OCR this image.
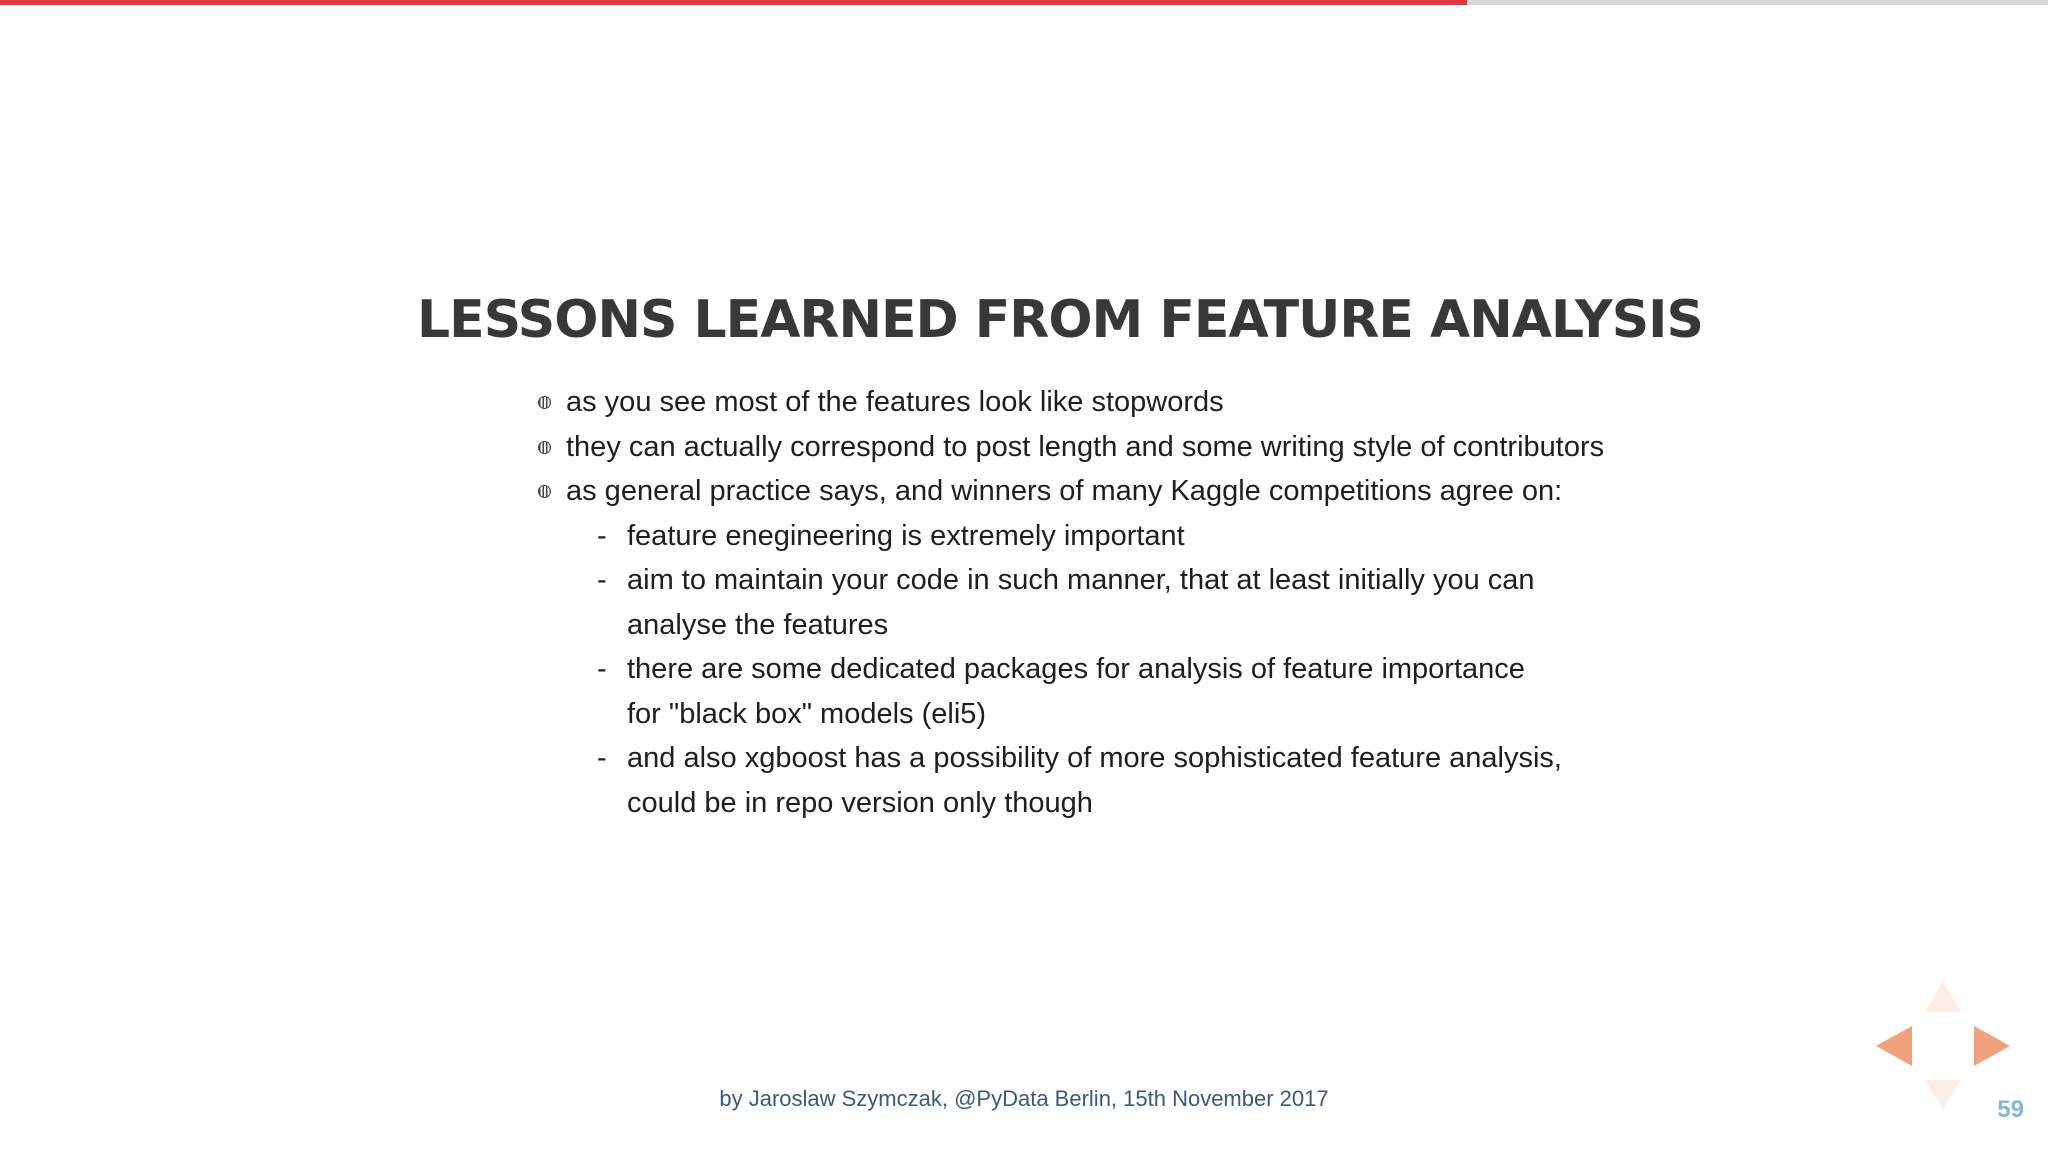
LESSONS LEARNED FROM FEATURE ANALYSIS
as you see most of the features look like stopwords
they can actually correspond to post length and some writing style of contributors
as general practice says, and winners of many Kaggle competitions agree on:
- feature enegineering is extremely important
- aim to maintain your code in such manner, that at least initially you can
analyse the features
- there are some dedicated packages for analysis of feature importance
for "black box" models (eli5)
- and also xgboost has a possibility of more sophisticated feature analysis,
could be in repo version only though
by Jaroslaw Szymczak, @PyData Berlin, 15th November 2017	59
